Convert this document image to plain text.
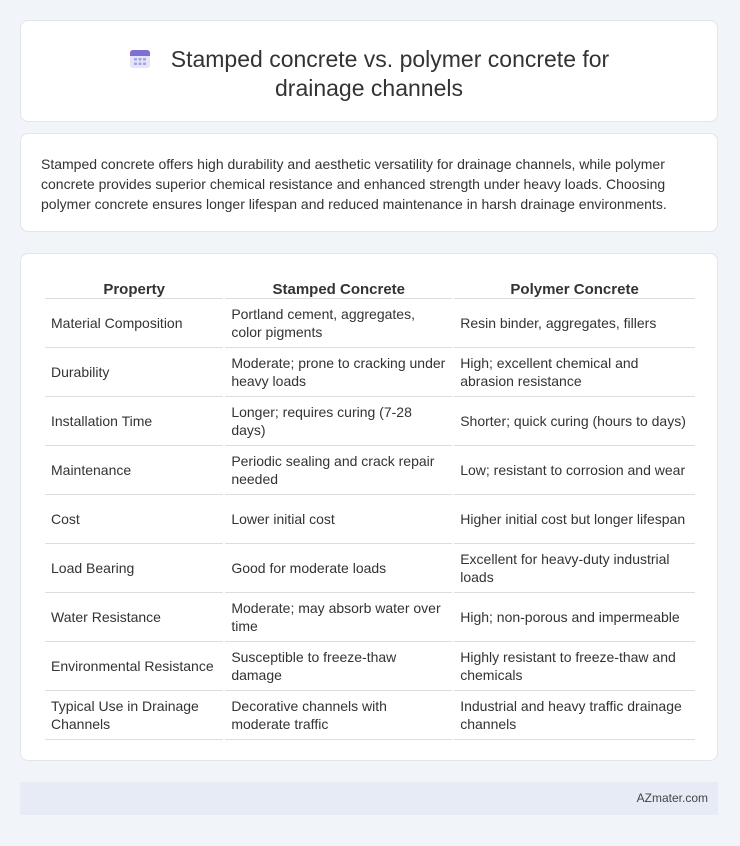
Stamped concrete vs. polymer concrete for drainage channels
Stamped concrete offers high durability and aesthetic versatility for drainage channels, while polymer concrete provides superior chemical resistance and enhanced strength under heavy loads. Choosing polymer concrete ensures longer lifespan and reduced maintenance in harsh drainage environments.
Property	Stamped Concrete	Polymer Concrete
Material Composition	Portland cement, aggregates, color pigments	Resin binder, aggregates, fillers
Durability	Moderate; prone to cracking under heavy loads	High; excellent chemical and abrasion resistance
Installation Time	Longer; requires curing (7-28 days)	Shorter; quick curing (hours to days)
Maintenance	Periodic sealing and crack repair needed	Low; resistant to corrosion and wear
Cost	Lower initial cost	Higher initial cost but longer lifespan
Load Bearing	Good for moderate loads	Excellent for heavy-duty industrial loads
Water Resistance	Moderate; may absorb water over time	High; non-porous and impermeable
Environmental Resistance	Susceptible to freeze-thaw damage	Highly resistant to freeze-thaw and chemicals
Typical Use in Drainage Channels	Decorative channels with moderate traffic	Industrial and heavy traffic drainage channels
AZmater.com
